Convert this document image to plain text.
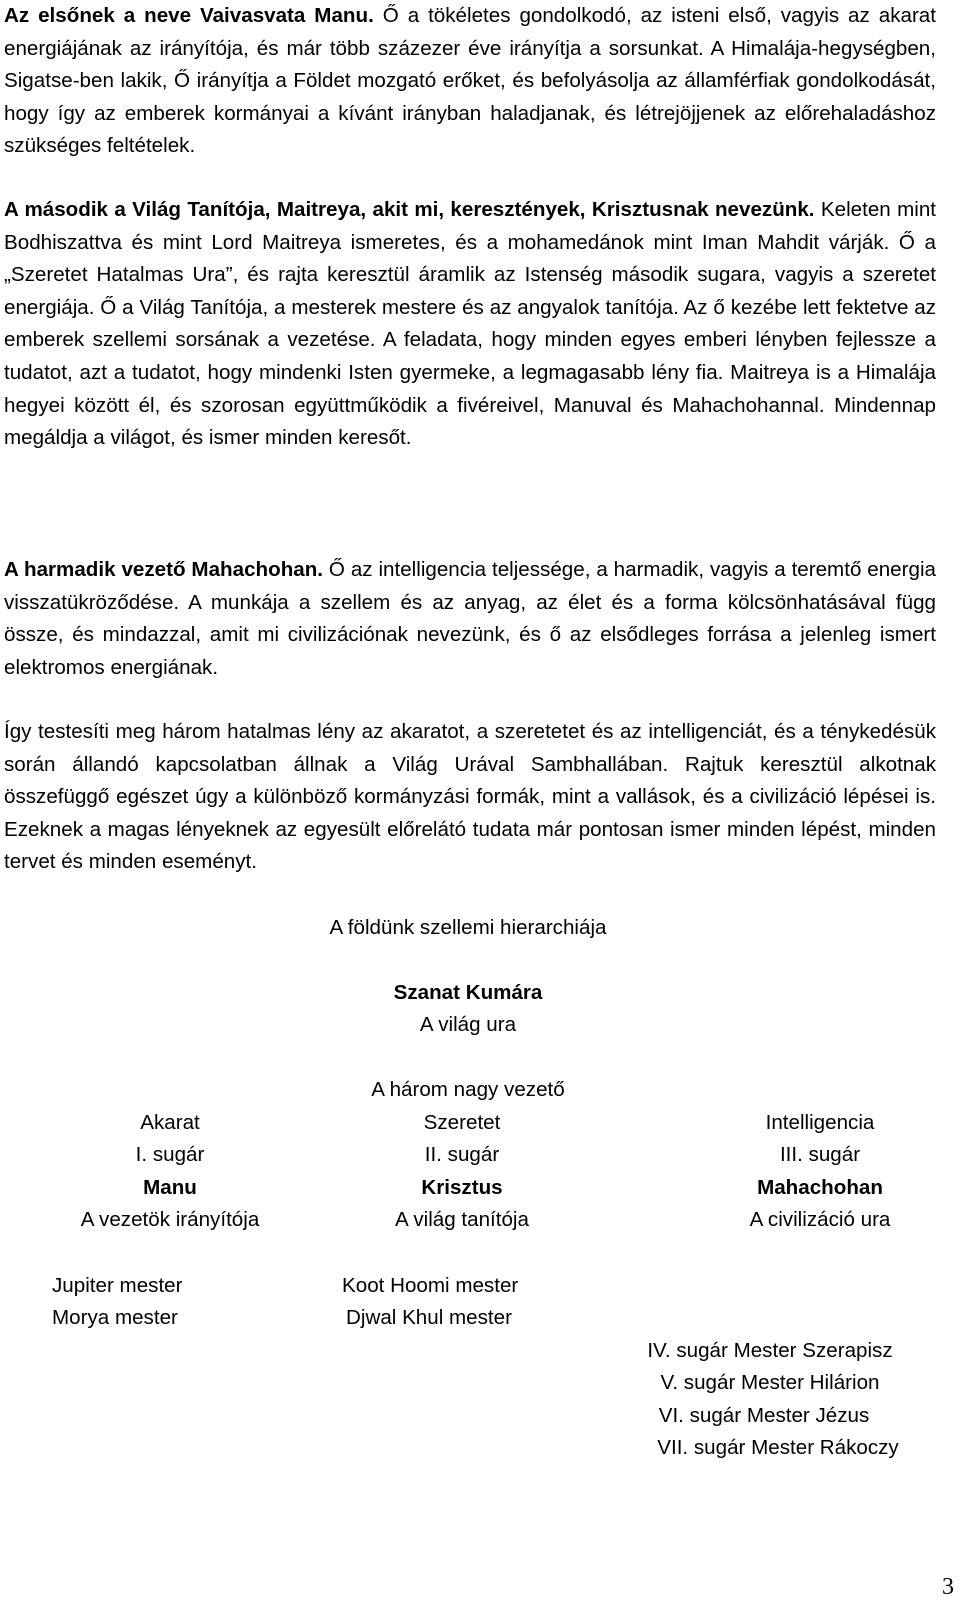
Az elsőnek a neve Vaivasvata Manu. Ő a tökéletes gondolkodó, az isteni első, vagyis az akarat energiájának az irányítója, és már több százezer éve irányítja a sorsunkat. A Himalája-hegységben, Sigatse-ben lakik, Ő irányítja a Földet mozgató erőket, és befolyásolja az államférfiak gondolkodását, hogy így az emberek kormányai a kívánt irányban haladjanak, és létrejöjjenek az előrehaladáshoz szükséges feltételek.

A második a Világ Tanítója, Maitreya, akit mi, keresztények, Krisztusnak nevezünk. Keleten mint Bodhiszattva és mint Lord Maitreya ismeretes, és a mohamedánok mint Iman Mahdit várják. Ő a „Szeretet Hatalmas Ura”, és rajta keresztül áramlik az Istenség második sugara, vagyis a szeretet energiája. Ő a Világ Tanítója, a mesterek mestere és az angyalok tanítója. Az ő kezébe lett fektetve az emberek szellemi sorsának a vezetése. A feladata, hogy minden egyes emberi lényben fejlessze a tudatot, azt a tudatot, hogy mindenki Isten gyermeke, a legmagasabb lény fia. Maitreya is a Himalája hegyei között él, és szorosan együttműködik a fivéreivel, Manuval és Mahachohannal. Mindennap megáldja a világot, és ismer minden keresőt.

A harmadik vezető Mahachohan. Ő az intelligencia teljessége, a harmadik, vagyis a teremtő energia visszatükröződése. A munkája a szellem és az anyag, az élet és a forma kölcsönhatásával függ össze, és mindazzal, amit mi civilizációnak nevezünk, és ő az elsődleges forrása a jelenleg ismert elektromos energiának.

Így testesíti meg három hatalmas lény az akaratot, a szeretetet és az intelligenciát, és a ténykedésük során állandó kapcsolatban állnak a Világ Urával Sambhallában. Rajtuk keresztül alkotnak összefüggő egészet úgy a különböző kormányzási formák, mint a vallások, és a civilizáció lépései is. Ezeknek a magas lényeknek az egyesült előrelátó tudata már pontosan ismer minden lépést, minden tervet és minden eseményt.

A földünk szellemi hierarchiája
Szanat Kumára
A világ ura
A három nagy vezető
Akarat
I. sugár
Manu
A vezetök irányítója
Szeretet
II. sugár
Krisztus
A világ tanítója
Intelligencia
III. sugár
Mahachohan
A civilizáció ura
Jupiter mester
Morya mester
Koot Hoomi mester
Djwal Khul mester
IV. sugár Mester Szerapisz
V. sugár Mester Hilárion
VI. sugár Mester Jézus
VII. sugár Mester Rákoczy
3
